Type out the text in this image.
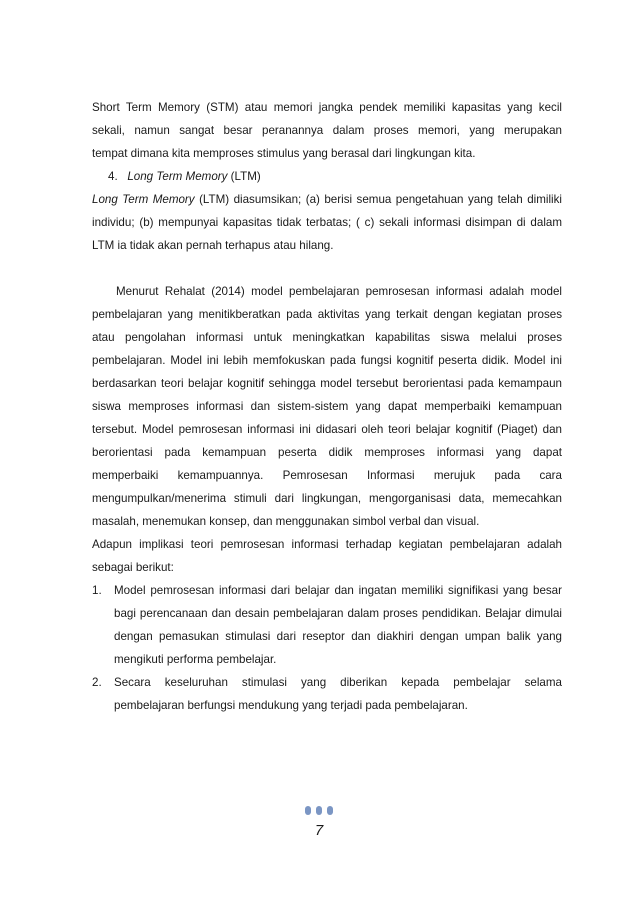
Short Term Memory (STM) atau memori jangka pendek memiliki kapasitas yang kecil
sekali, namun sangat besar peranannya dalam proses memori, yang merupakan
tempat dimana kita memproses stimulus yang berasal dari lingkungan kita.

4. Long Term Memory (LTM)

Long Term Memory (LTM) diasumsikan; (a) berisi semua pengetahuan yang telah dimiliki
individu; (b) mempunyai kapasitas tidak terbatas; ( c) sekali informasi disimpan di dalam
LTM ia tidak akan pernah terhapus atau hilang.

Menurut Rehalat (2014) model pembelajaran pemrosesan informasi adalah model
pembelajaran yang menitikberatkan pada aktivitas yang terkait dengan kegiatan proses
atau pengolahan informasi untuk meningkatkan kapabilitas siswa melalui proses
pembelajaran. Model ini lebih memfokuskan pada fungsi kognitif peserta didik. Model ini
berdasarkan teori belajar kognitif sehingga model tersebut berorientasi pada kemampaun
siswa memproses informasi dan sistem-sistem yang dapat memperbaiki kemampuan
tersebut. Model pemrosesan informasi ini didasari oleh teori belajar kognitif (Piaget) dan
berorientasi pada kemampuan peserta didik memproses informasi yang dapat
memperbaiki kemampuannya. Pemrosesan Informasi merujuk pada cara
mengumpulkan/menerima stimuli dari lingkungan, mengorganisasi data, memecahkan
masalah, menemukan konsep, dan menggunakan simbol verbal dan visual.

Adapun implikasi teori pemrosesan informasi terhadap kegiatan pembelajaran adalah
sebagai berikut:

1.	Model pemrosesan informasi dari belajar dan ingatan memiliki signifikasi yang besar
bagi perencanaan dan desain pembelajaran dalam proses pendidikan. Belajar dimulai
dengan pemasukan stimulasi dari reseptor dan diakhiri dengan umpan balik yang
mengikuti performa pembelajar.
2.	Secara keseluruhan stimulasi yang diberikan kepada pembelajar selama
pembelajaran berfungsi mendukung yang terjadi pada pembelajaran.
7
